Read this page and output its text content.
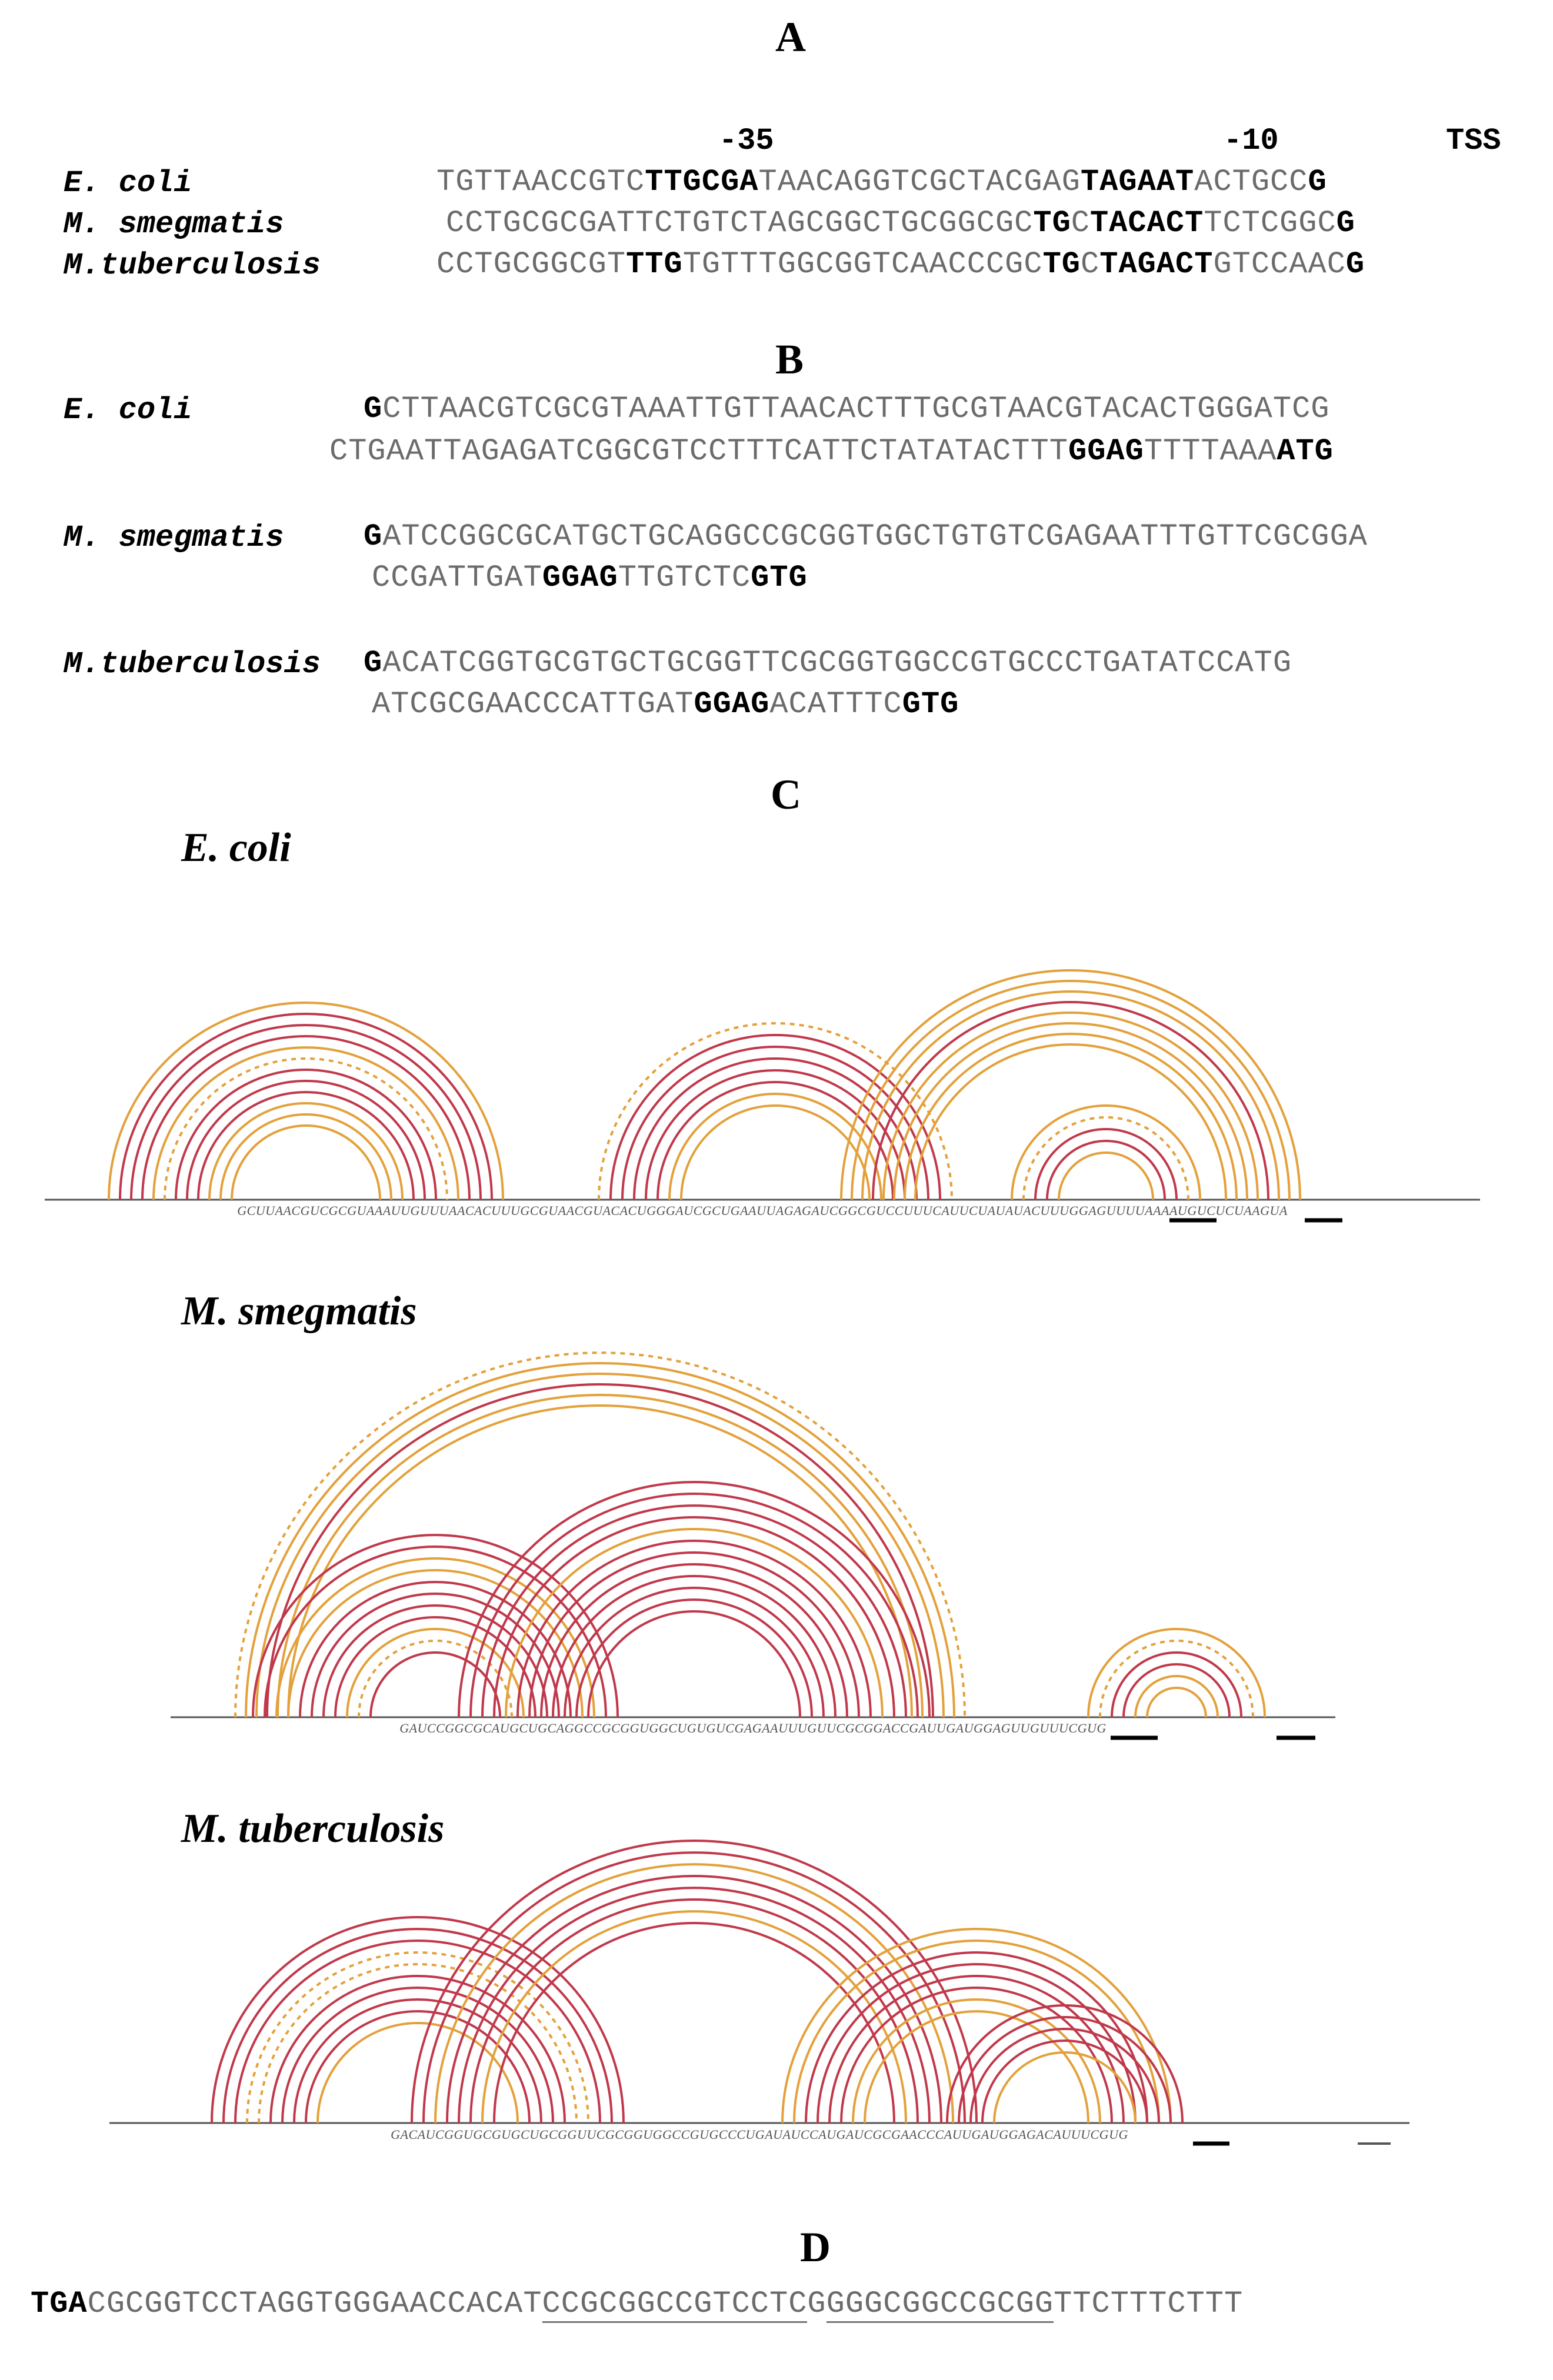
A
B
C
D
-35	-10	TSS
E. coli	TGTTAACCGTCTTGCGATAACAGGTCGCTACGAGTAGAATACTGCCG
M. smegmatis	CCTGCGCGATTCTGTCTAGCGGCTGCGGCGCTGCTACACTTCTCGGCG
M.tuberculosis	CCTGCGGCGTTTGTGTTTGGCGGTCAACCCGCTGCTAGACTGTCCAACG
E. coli	GCTTAACGTCGCGTAAATTGTTAACACTTTGCGTAACGTACACTGGGATCG
CTGAATTAGAGATCGGCGTCCTTTCATTCTATATACTTTGGAGTTTTAAAATG
M. smegmatis	GATCCGGCGCATGCTGCAGGCCGCGGTGGCTGTGTCGAGAATTTGTTCGCGGA
CCGATTGATGGAGTTGTCTCGTG
M.tuberculosis GACATCGGTGCGTGCTGCGGTTCGCGGTGGCCGTGCCCTGATATCCATG
ATCGCGAACCCATTGATGGAGACATTTCGTG
E. coli
M. smegmatis
M. tuberculosis
GCUUAACGUCGCGUAAAUUGUUUAACACUUUGCGUAACGUACACUGGGAUCGCUGAAUUAGAGAUCGGCGUCCUUUCAUUCUAUAUACUUUGGAGUUUUAAAAUGUCUCUAAGUA
GAUCCGGCGCAUGCUGCAGGCCGCGGUGGCUGUGUCGAGAAUUUGUUCGCGGACCGAUUGAUGGAGUUGUUUCGUG
GACAUCGGUGCGUGCUGCGGUUCGCGGUGGCCGUGCCCUGAUAUCCAUGAUCGCGAACCCAUUGAUGGAGACAUUUCGUG
TGACGCGGTCCTAGGTGGGAACCACATCCGCGGCCGTCCTCGGGGCGGCCGCGGTTCTTTCTTT
